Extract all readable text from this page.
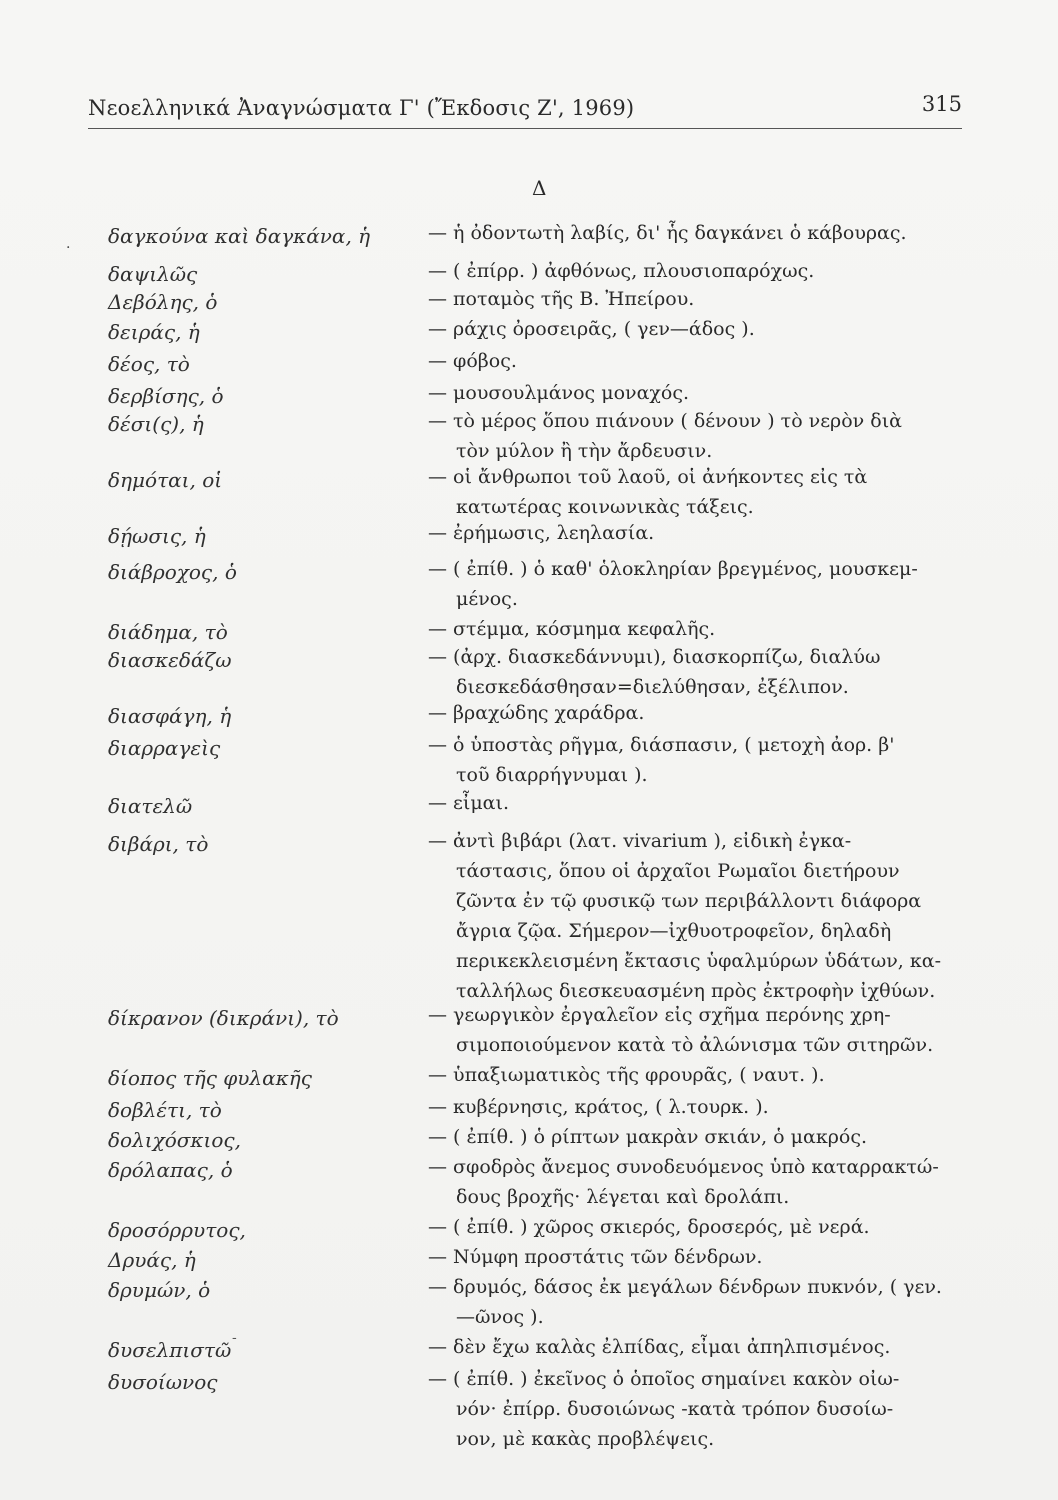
Νεοελληνικά Ἀναγνώσματα Γ' (Ἔκδοσις Ζ', 1969)	315
Δ
.
-
δαγκούνα καὶ δαγκάνα, ἡ	— ἡ ὀδοντωτὴ λαβίς, δι' ἧς δαγκάνει ὁ κάβουρας.
δαψιλῶς	— ( ἐπίρρ. ) ἀφθόνως, πλουσιοπαρόχως.
Δεβόλης, ὁ	— ποταμὸς τῆς Β. Ἠπείρου.
δειράς, ἡ	— ράχις ὀροσειρᾶς, ( γεν—άδος ).
δέος, τὸ	— φόβος.
δερβίσης, ὁ	— μουσουλμάνος μοναχός.
δέσι(ς), ἡ	— τὸ μέρος ὅπου πιάνουν ( δένουν ) τὸ νερὸν διὰ
τὸν μύλον ἢ τὴν ἄρδευσιν.
δημόται, οἱ	— οἱ ἄνθρωποι τοῦ λαοῦ, οἱ ἀνήκοντες εἰς τὰ
κατωτέρας κοινωνικὰς τάξεις.
δῄωσις, ἡ	— ἐρήμωσις, λεηλασία.
διάβροχος, ὁ	— ( ἐπίθ. ) ὁ καθ' ὁλοκληρίαν βρεγμένος, μουσκεμ-
μένος.
διάδημα, τὸ	— στέμμα, κόσμημα κεφαλῆς.
διασκεδάζω	— (ἀρχ. διασκεδάννυμι), διασκορπίζω, διαλύω
διεσκεδάσθησαν=διελύθησαν, ἐξέλιπον.
διασφάγη, ἡ	— βραχώδης χαράδρα.
διαρραγεὶς	— ὁ ὑποστὰς ρῆγμα, διάσπασιν, ( μετοχὴ ἀορ. β'
τοῦ διαρρήγνυμαι ).
διατελῶ	— εἶμαι.
διβάρι, τὸ	— ἀντὶ βιβάρι (λατ. vivarium ), εἰδικὴ ἐγκα-
τάστασις, ὅπου οἱ ἀρχαῖοι Ρωμαῖοι διετήρουν
ζῶντα ἐν τῷ φυσικῷ των περιβάλλοντι διάφορα
ἄγρια ζῷα. Σήμερον—ἰχθυοτροφεῖον, δηλαδὴ
περικεκλεισμένη ἔκτασις ὑφαλμύρων ὑδάτων, κα-
ταλλήλως διεσκευασμένη πρὸς ἐκτροφὴν ἰχθύων.
δίκρανον (δικράνι), τὸ	— γεωργικὸν ἐργαλεῖον εἰς σχῆμα περόνης χρη-
σιμοποιούμενον κατὰ τὸ ἀλώνισμα τῶν σιτηρῶν.
δίοπος τῆς φυλακῆς	— ὑπαξιωματικὸς τῆς φρουρᾶς, ( ναυτ. ).
δοβλέτι, τὸ	— κυβέρνησις, κράτος, ( λ.τουρκ. ).
δολιχόσκιος,	— ( ἐπίθ. ) ὁ ρίπτων μακρὰν σκιάν, ὁ μακρός.
δρόλαπας, ὁ	— σφοδρὸς ἄνεμος συνοδευόμενος ὑπὸ καταρρακτώ-
δους βροχῆς· λέγεται καὶ δρολάπι.
δροσόρρυτος,	— ( ἐπίθ. ) χῶρος σκιερός, δροσερός, μὲ νερά.
Δρυάς, ἡ	— Νύμφη προστάτις τῶν δένδρων.
δρυμών, ὁ	— δρυμός, δάσος ἐκ μεγάλων δένδρων πυκνόν, ( γεν.
—ῶνος ).
δυσελπιστῶ	— δὲν ἔχω καλὰς ἐλπίδας, εἶμαι ἀπηλπισμένος.
δυσοίωνος	— ( ἐπίθ. ) ἐκεῖνος ὁ ὁποῖος σημαίνει κακὸν οἰω-
νόν· ἐπίρρ. δυσοιώνως -κατὰ τρόπον δυσοίω-
νον, μὲ κακὰς προβλέψεις.
